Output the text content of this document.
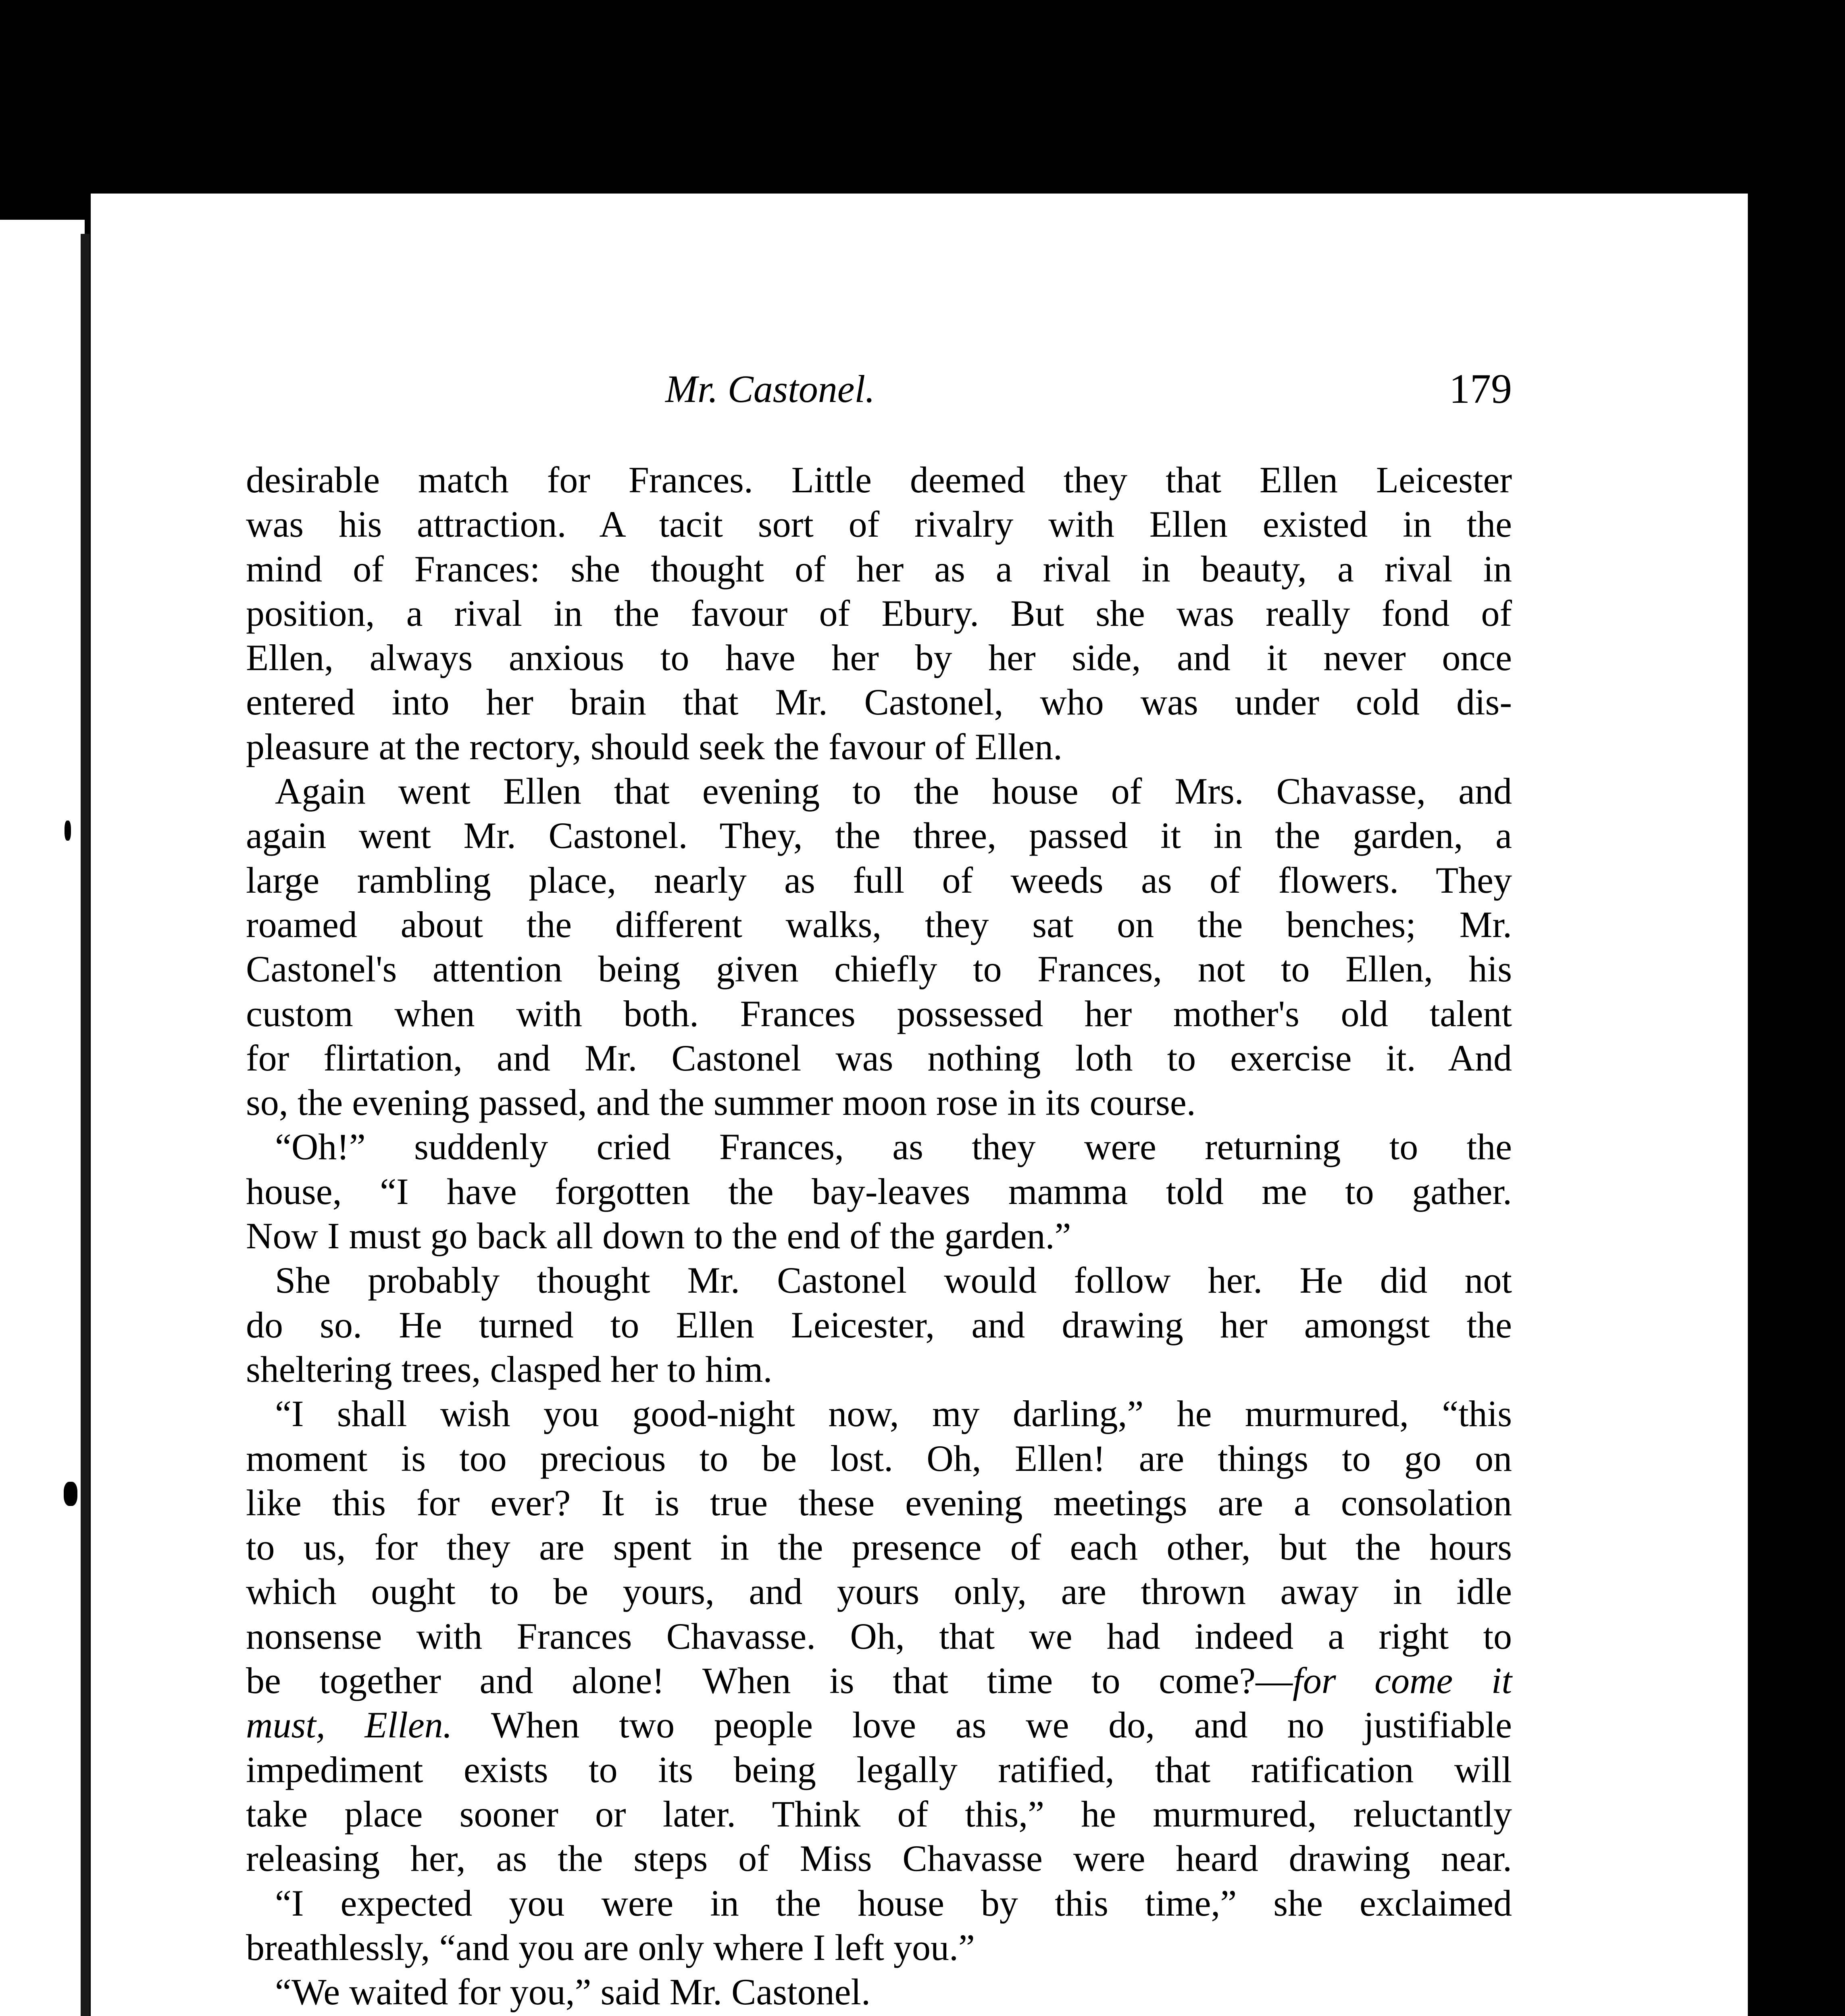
Mr. Castonel.	179
desirable match for Frances. Little deemed they that Ellen Leicester
was his attraction. A tacit sort of rivalry with Ellen existed in the
mind of Frances: she thought of her as a rival in beauty, a rival in
position, a rival in the favour of Ebury. But she was really fond of
Ellen, always anxious to have her by her side, and it never once
entered into her brain that Mr. Castonel, who was under cold dis-
pleasure at the rectory, should seek the favour of Ellen.
Again went Ellen that evening to the house of Mrs. Chavasse, and
again went Mr. Castonel. They, the three, passed it in the garden, a
large rambling place, nearly as full of weeds as of flowers. They
roamed about the different walks, they sat on the benches; Mr.
Castonel's attention being given chiefly to Frances, not to Ellen, his
custom when with both. Frances possessed her mother's old talent
for flirtation, and Mr. Castonel was nothing loth to exercise it. And
so, the evening passed, and the summer moon rose in its course.
“Oh!” suddenly cried Frances, as they were returning to the
house, “I have forgotten the bay-leaves mamma told me to gather.
Now I must go back all down to the end of the garden.”
She probably thought Mr. Castonel would follow her. He did not
do so. He turned to Ellen Leicester, and drawing her amongst the
sheltering trees, clasped her to him.
“I shall wish you good-night now, my darling,” he murmured, “this
moment is too precious to be lost. Oh, Ellen! are things to go on
like this for ever? It is true these evening meetings are a consolation
to us, for they are spent in the presence of each other, but the hours
which ought to be yours, and yours only, are thrown away in idle
nonsense with Frances Chavasse. Oh, that we had indeed a right to
be together and alone! When is that time to come?—for come it
must, Ellen. When two people love as we do, and no justifiable
impediment exists to its being legally ratified, that ratification will
take place sooner or later. Think of this,” he murmured, reluctantly
releasing her, as the steps of Miss Chavasse were heard drawing near.
“I expected you were in the house by this time,” she exclaimed
breathlessly, “and you are only where I left you.”
“We waited for you,” said Mr. Castonel.
